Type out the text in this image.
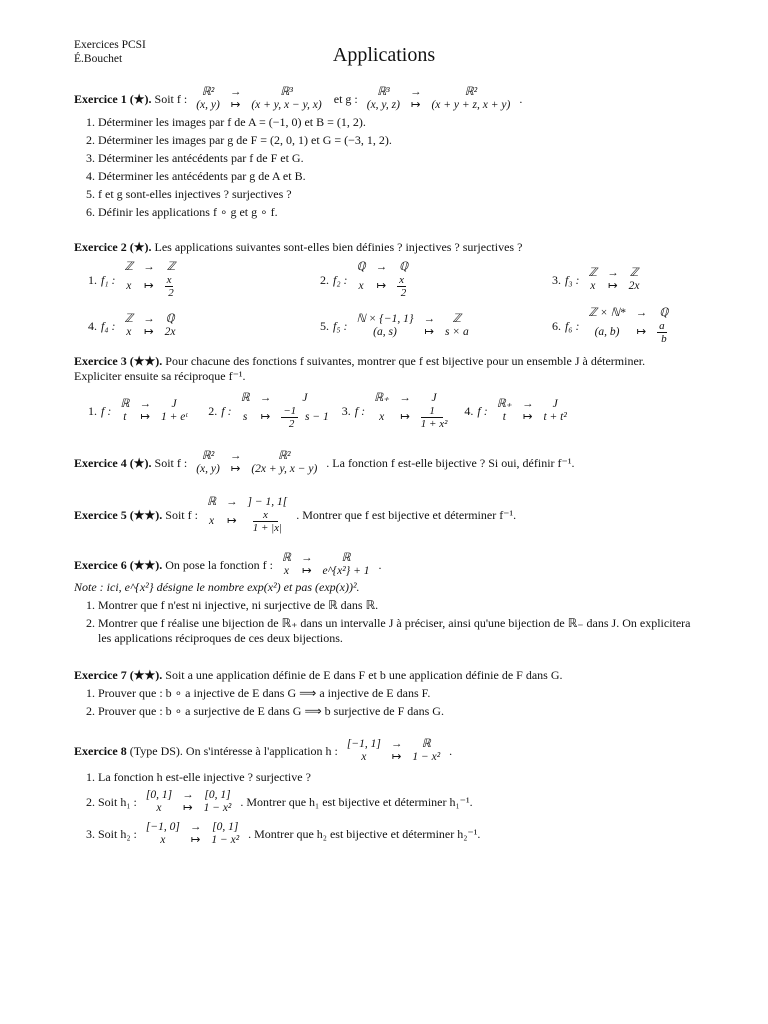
Exercices PCSI
É.Bouchet	Applications
Exercice 1 (★).
Soit f : ℝ²	→	ℝ³
(x, y)	↦	(x + y, x − y, x)
et g : ℝ³	→	ℝ²
(x, y, z)	↦	(x + y + z, x + y) .
1. Déterminer les images par f de A = (−1, 0) et B = (1, 2).
2. Déterminer les images par g de F = (2, 0, 1) et G = (−3, 1, 2).
3. Déterminer les antécédents par f de F et G.
4. Déterminer les antécédents par g de A et B.
5. f et g sont-elles injectives ? surjectives ?
6. Définir les applications f ∘ g et g ∘ f.
Exercice 2 (★). Les applications suivantes sont-elles bien définies ? injectives ? surjectives ?
1. f₁ :
ℤ	→	ℤ
x	↦	$\frac{x}{2}$	2. f₂ :
ℚ	→	ℚ
x	↦	$\frac{x}{2}$	3. f₃ : ℤ	→	ℤ
x	↦	2x
4. f₄ : ℤ	→	ℚ
x	↦	2x	5. f₅ : ℕ × {−1, 1}	→	ℤ
(a, s)	↦	s × a	6. f₆ :
ℤ × ℕ*	→	ℚ
(a, b)	↦	$\frac{a}{b}$
Exercice 3 (★★). Pour chacune des fonctions f suivantes, montrer que f est bijective pour un ensemble J à déterminer. Expliciter ensuite sa réciproque f⁻¹.
1. f : ℝ	→	J
t	↦	1 + eᵗ 2. f :
ℝ	→	J
s	↦	$\frac{-1}{2}$ s − 1 3. f :
ℝ₊	→	J
x	↦	$\frac{1}{\text{1 + x²}} 4$. f : ℝ₊	→	J
t	↦	t + t²
Exercice 4 (★).
Soit f : ℝ²	→	ℝ²
(x, y)	↦	(2x + y, x − y) . La fonction f est-elle bijective ? Si oui, définir f⁻¹.
Exercice 5 (★★).
Soit f :
ℝ	→	] − 1, 1[
x	↦	$\frac{x}{1 + |x|}$ . Montrer que f est bijective et déterminer f⁻¹.
Exercice 6 (★★).
On pose la fonction f : ℝ	→	ℝ
x	↦	e^{x²} + 1 .
Note : ici, e^{x²} désigne le nombre exp(x²) et pas (exp(x))².
1. Montrer que f n'est ni injective, ni surjective de ℝ dans ℝ.
2. Montrer que f réalise une bijection de ℝ₊ dans un intervalle J à préciser, ainsi qu'une bijection de ℝ₋ dans J. On explicitera les applications réciproques de ces deux bijections.
Exercice 7 (★★). Soit a une application définie de E dans F et b une application définie de F dans G.
1. Prouver que : b ∘ a injective de E dans G ⟹ a injective de E dans F.
2. Prouver que : b ∘ a surjective de E dans G ⟹ b surjective de F dans G.
Exercice 8
(Type DS).
On s'intéresse à l'application h : [−1, 1]	→	ℝ
x	↦	1 − x² .
1. La fonction h est-elle injective ? surjective ?
2. Soit h₁ : [0, 1]	→	[0, 1]
x	↦	1 − x² . Montrer que h₁ est bijective et déterminer h₁⁻¹.
3. Soit h₂ : [−1, 0]	→	[0, 1]
x	↦	1 − x² . Montrer que h₂ est bijective et déterminer h₂⁻¹.
